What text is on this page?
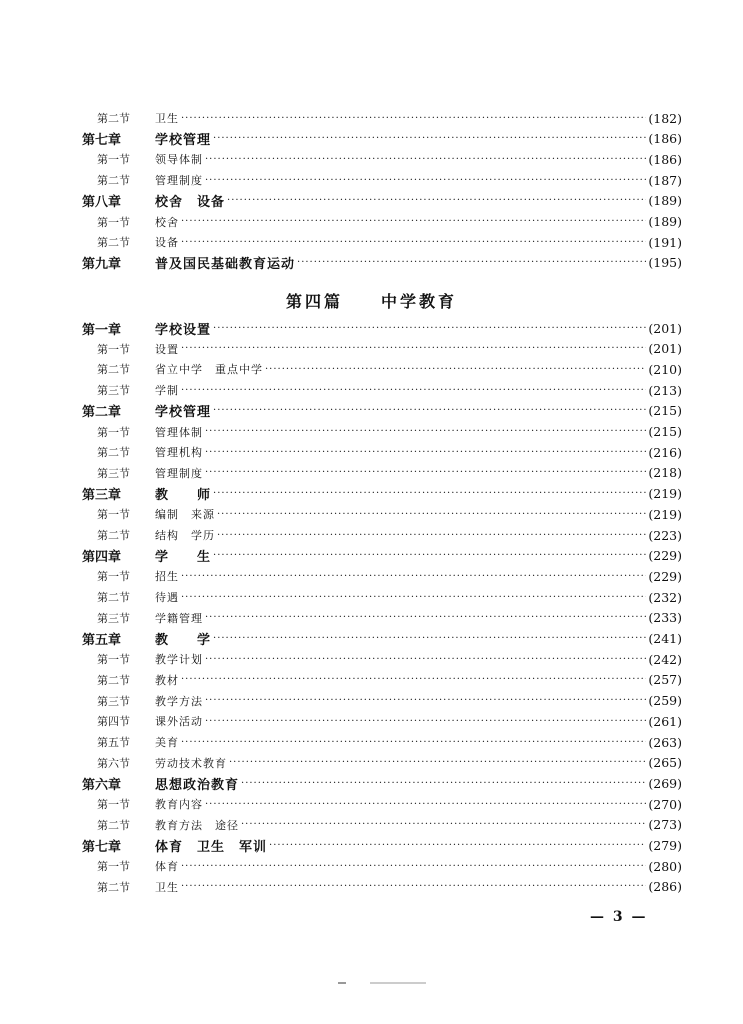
第二节	卫生 ·····	(182)
第七章	学校管理 ·····	(186)
第一节	领导体制 ·····	(186)
第二节	管理制度 ·····	(187)
第八章	校舍　设备 ·····	(189)
第一节	校舍 ·····	(189)
第二节	设备 ·····	(191)
第九章	普及国民基础教育运动 ·····	(195)
第四篇　　中学教育
第一章	学校设置 ·····	(201)
第一节	设置 ·····	(201)
第二节	省立中学　重点中学 ·····	(210)
第三节	学制 ·····	(213)
第二章	学校管理 ·····	(215)
第一节	管理体制 ·····	(215)
第二节	管理机构 ·····	(216)
第三节	管理制度 ·····	(218)
第三章	教　　师 ·····	(219)
第一节	编制　来源 ·····	(219)
第二节	结构　学历 ·····	(223)
第四章	学　　生 ·····	(229)
第一节	招生 ·····	(229)
第二节	待遇 ·····	(232)
第三节	学籍管理 ·····	(233)
第五章	教　　学 ·····	(241)
第一节	教学计划 ·····	(242)
第二节	教材 ·····	(257)
第三节	教学方法 ·····	(259)
第四节	课外活动 ·····	(261)
第五节	美育 ·····	(263)
第六节	劳动技术教育 ·····	(265)
第六章	思想政治教育 ·····	(269)
第一节	教育内容 ·····	(270)
第二节	教育方法　途径 ·····	(273)
第七章	体育　卫生　军训 ·····	(279)
第一节	体育 ·····	(280)
第二节	卫生 ·····	(286)
— 3 —
